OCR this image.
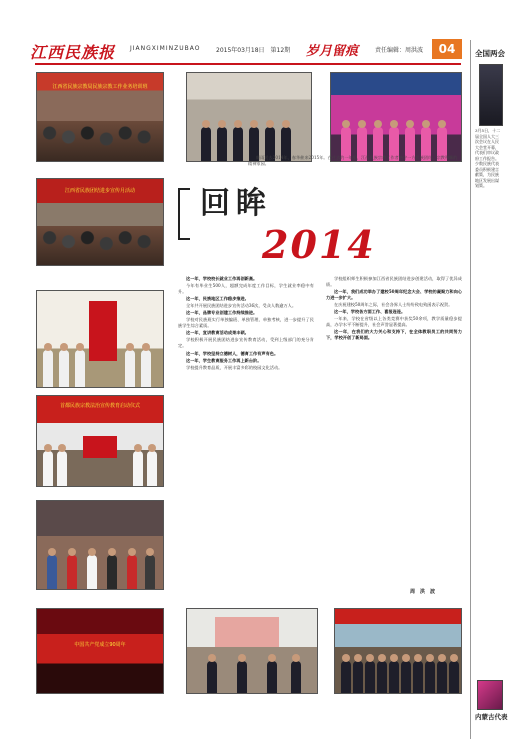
江西民族报 JIANGXIMINZUBAO	2015年03月18日　第12期 岁月留痕	责任编辑：周洪波	04
江西省民族宗教局民族宗教工作业务培训班
江西省民族团结进步宣传月活动	回眸
2014
细雨送去2014年，春华催来2015年。在过去的一年里，江西民族宗教工作者恪守一方民族团结、宗教和顺的精神家园。
首都民族宗教法治宣传教育启动仪式
中国共产党成立90周年

这一年，学校校长就业工作再创新高。

今年有毕业生500人，超额完成年度工作目标，学生就业率稳中有升。

这一年，民族地区工作稳步推进。

全年共开展民族团结进步宣传活动36次，受众人数逾万人。

这一年，品牌专业创建工作持续推进。

学校对民族班实行单独编班、单独管理、单独考核，进一步提升了民族学生综合素质。

这一年，宣讲教育活动成果丰硕。

学校积极开展民族团结进步宣传教育活动，受到上级部门的充分肯定。

这一年，学校坚持立德树人，德育工作有声有色。

这一年，学生教育服务工作再上新台阶。

学校提升教育品质，开展丰富多彩的校园文化活动。

学校组织师生积极参加江西省民族团结进步创建活动，取得了优异成绩。

这一年，我们成功举办了建校50周年纪念大会、学校的凝聚力和向心力进一步扩大。

在庆祝建校50周年之际，社会各界人士纷纷致电致函表示祝贺。

这一年，学校各方面工作、喜报连连。

一年来，学校在省级以上各类竞赛中获奖50余项，教学质量稳步提高，办学水平不断提升，社会声誉显著提高。

这一年，在我们的大力关心和支持下，在全体教职员工的共同努力下，学校开创了新局面。

周　洪　波
全国两会
3月5日，十二届全国人大三次会议在人民大会堂开幕，代表们审议政府工作报告。少数民族代表委员积极建言献策，为民族地区发展出谋划策。
内蒙古代表
